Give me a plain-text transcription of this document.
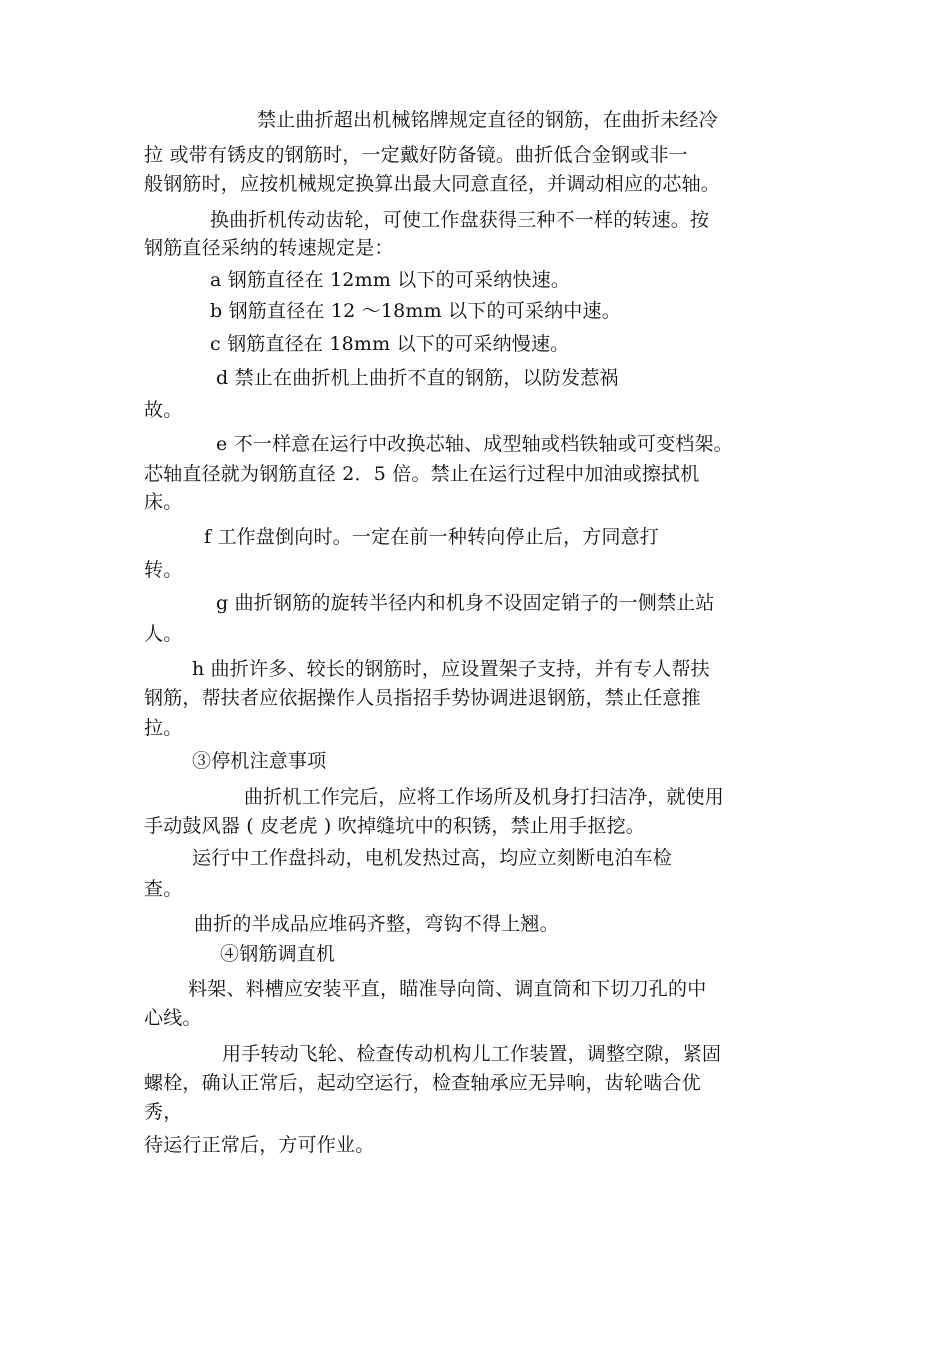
禁止曲折超出机械铭牌规定直径的钢筋，在曲折未经冷
拉 或带有锈皮的钢筋时，一定戴好防备镜。曲折低合金钢或非一
般钢筋时，应按机械规定换算出最大同意直径，并调动相应的芯轴。
换曲折机传动齿轮，可使工作盘获得三种不一样的转速。按
钢筋直径采纳的转速规定是：
a 钢筋直径在 12mm 以下的可采纳快速。
b 钢筋直径在 12 ～18mm 以下的可采纳中速。
c 钢筋直径在 18mm 以下的可采纳慢速。
d 禁止在曲折机上曲折不直的钢筋，以防发惹祸
故。
e 不一样意在运行中改换芯轴、成型轴或档铁轴或可变档架。
芯轴直径就为钢筋直径 2．5 倍。禁止在运行过程中加油或擦拭机
床。
f 工作盘倒向时。一定在前一种转向停止后，方同意打
转。
g 曲折钢筋的旋转半径内和机身不设固定销子的一侧禁止站
人。
h 曲折许多、较长的钢筋时，应设置架子支持，并有专人帮扶
钢筋，帮扶者应依据操作人员指招手势协调进退钢筋，禁止任意推
拉。
③停机注意事项
曲折机工作完后，应将工作场所及机身打扫洁净，就使用
手动鼓风器 ( 皮老虎 ) 吹掉缝坑中的积锈，禁止用手抠挖。
运行中工作盘抖动，电机发热过高，均应立刻断电泊车检
查。
曲折的半成品应堆码齐整，弯钩不得上翘。
④钢筋调直机
料架、料槽应安装平直，瞄准导向筒、调直筒和下切刀孔的中
心线。
用手转动飞轮、检查传动机构儿工作装置，调整空隙，紧固
螺栓，确认正常后，起动空运行，检查轴承应无异响，齿轮啮合优
秀，
待运行正常后，方可作业。
